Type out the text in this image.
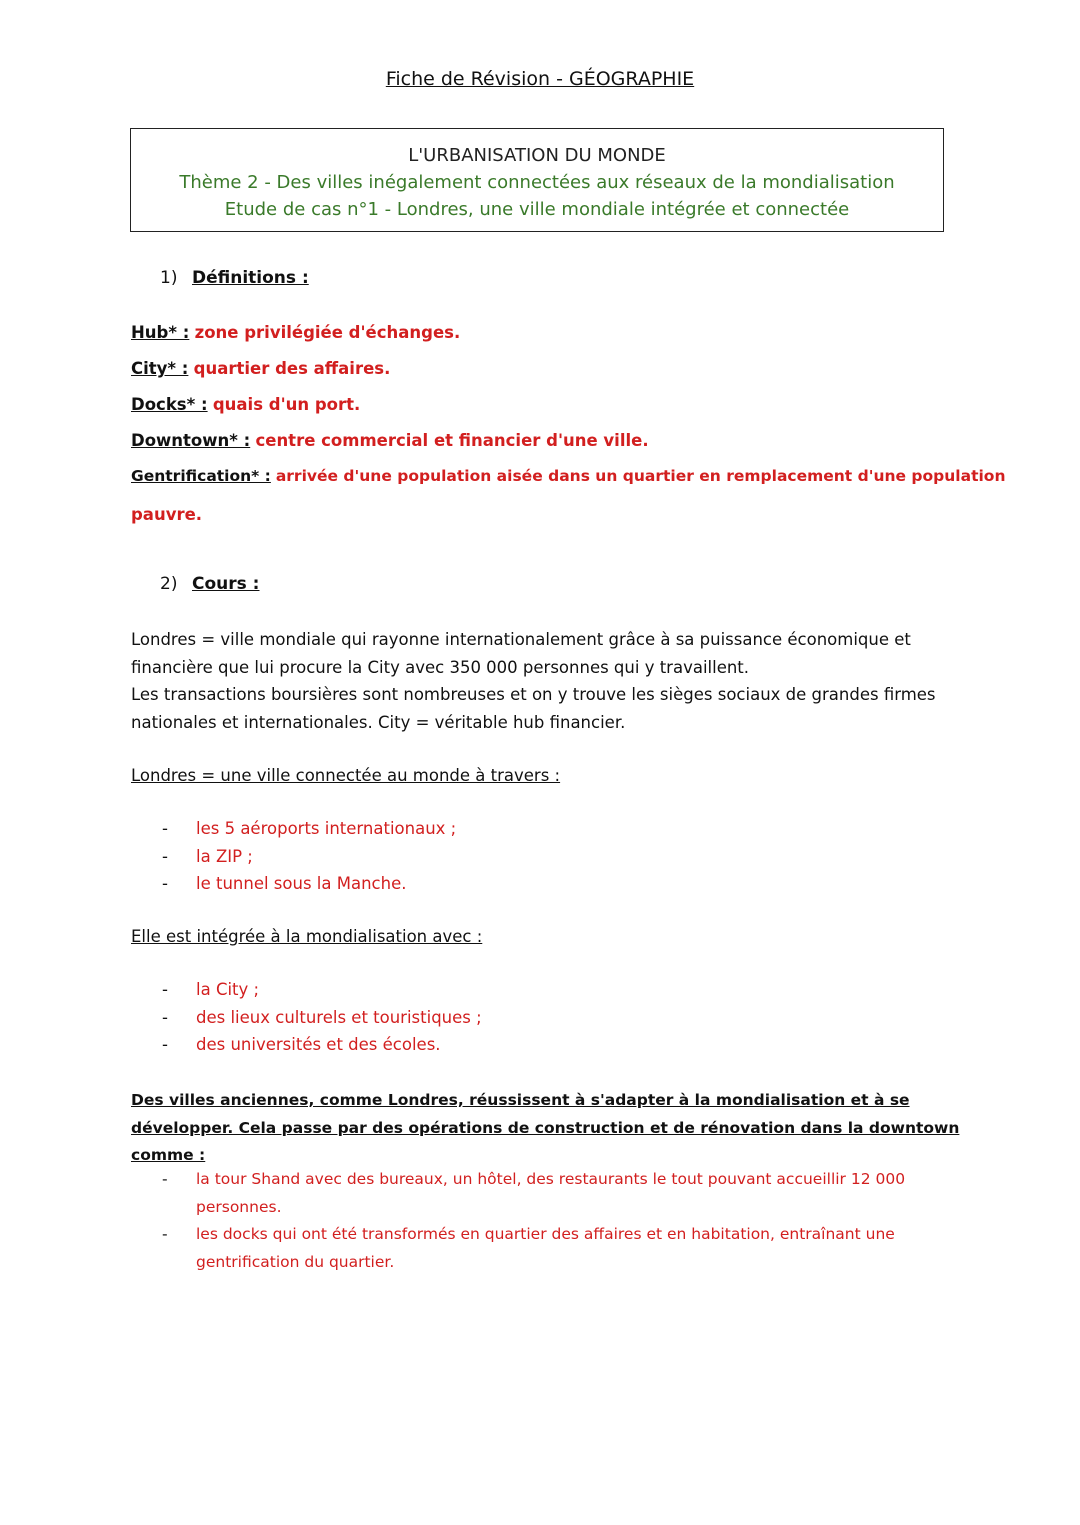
Fiche de Révision - GÉOGRAPHIE
L'URBANISATION DU MONDE
Thème 2 - Des villes inégalement connectées aux réseaux de la mondialisation
Etude de cas n°1 - Londres, une ville mondiale intégrée et connectée
1) Définitions :
Hub* : zone privilégiée d'échanges.
City* : quartier des affaires.
Docks* : quais d'un port.
Downtown* : centre commercial et financier d'une ville.
Gentrification* : arrivée d'une population aisée dans un quartier en remplacement d'une population
pauvre.
2) Cours :
Londres = ville mondiale qui rayonne internationalement grâce à sa puissance économique et financière que lui procure la City avec 350 000 personnes qui y travaillent.
Les transactions boursières sont nombreuses et on y trouve les sièges sociaux de grandes firmes nationales et internationales. City = véritable hub financier.
Londres = une ville connectée au monde à travers :
-	les 5 aéroports internationaux ;
-	la ZIP ;
-	le tunnel sous la Manche.
Elle est intégrée à la mondialisation avec :
-	la City ;
-	des lieux culturels et touristiques ;
-	des universités et des écoles.
Des villes anciennes, comme Londres, réussissent à s'adapter à la mondialisation et à se développer. Cela passe par des opérations de construction et de rénovation dans la downtown comme :
-	la tour Shand avec des bureaux, un hôtel, des restaurants le tout pouvant accueillir 12 000 personnes.
-	les docks qui ont été transformés en quartier des affaires et en habitation, entraînant une gentrification du quartier.
